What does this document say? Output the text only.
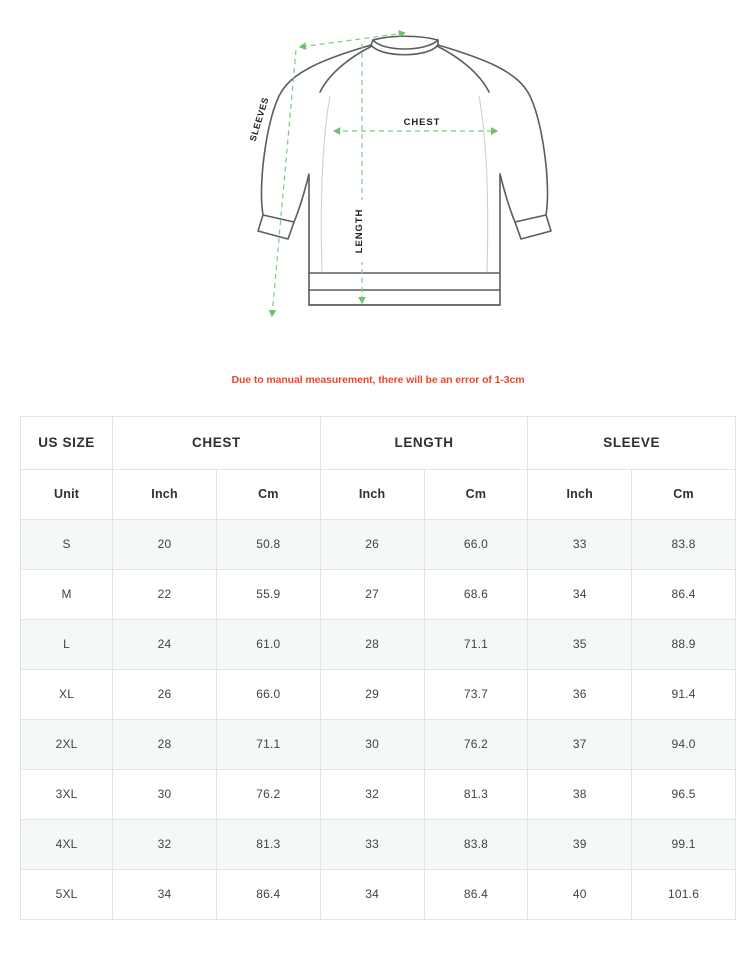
SLEEVES	CHEST
LENGTH
Due to manual measurement, there will be an error of 1-3cm
US SIZE	CHEST		LENGTH		SLEEVE	
Unit	Inch	Cm	Inch	Cm	Inch	Cm
S	20	50.8	26	66.0	33	83.8
M	22	55.9	27	68.6	34	86.4
L	24	61.0	28	71.1	35	88.9
XL	26	66.0	29	73.7	36	91.4
2XL	28	71.1	30	76.2	37	94.0
3XL	30	76.2	32	81.3	38	96.5
4XL	32	81.3	33	83.8	39	99.1
5XL	34	86.4	34	86.4	40	101.6
